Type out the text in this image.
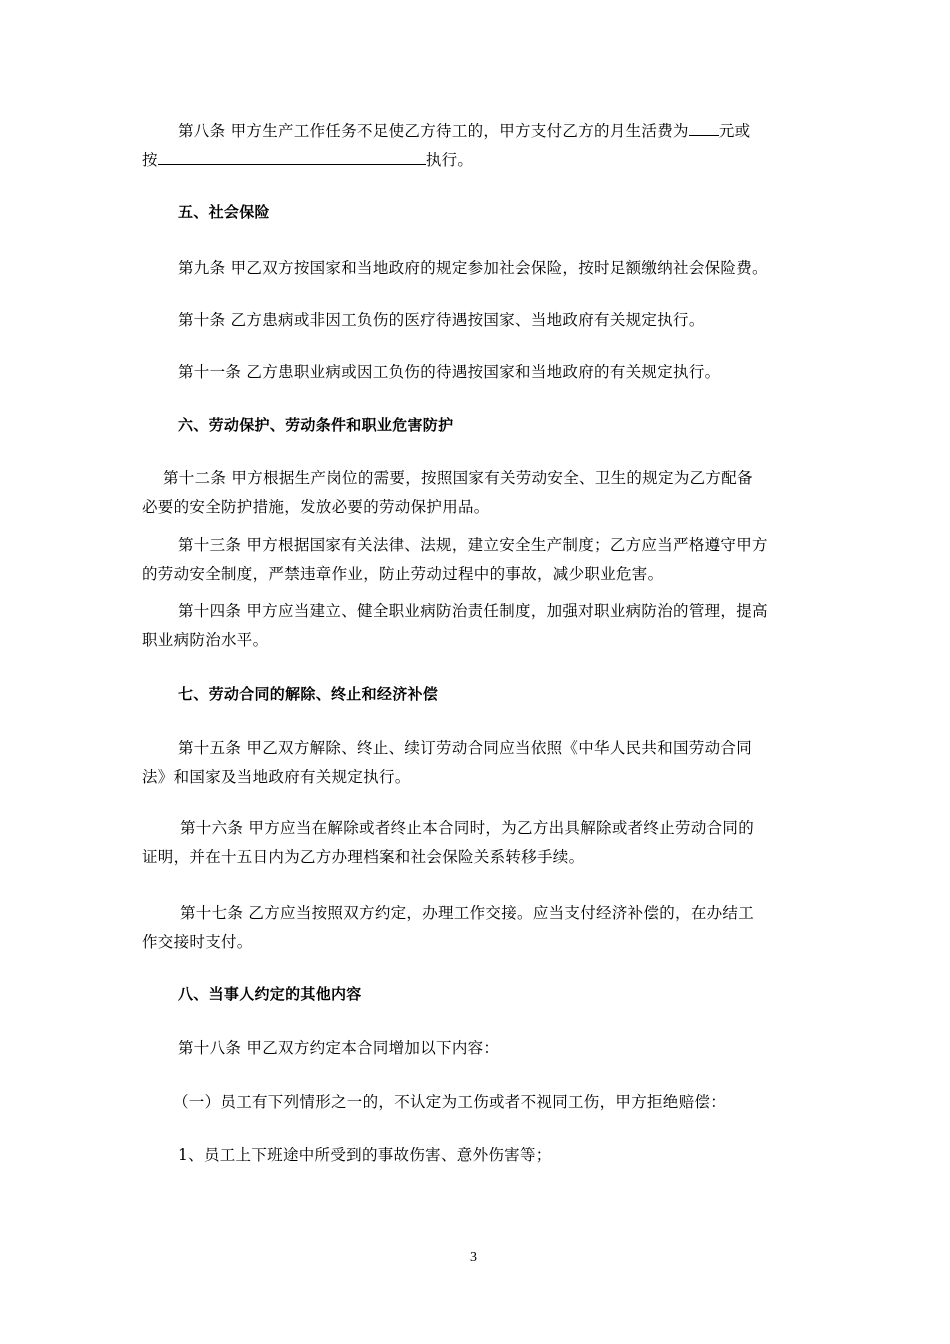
第八条 甲方生产工作任务不足使乙方待工的，甲方支付乙方的月生活费为 元或
按	执行。
五、社会保险
第九条 甲乙双方按国家和当地政府的规定参加社会保险，按时足额缴纳社会保险费。
第十条 乙方患病或非因工负伤的医疗待遇按国家、当地政府有关规定执行。
第十一条 乙方患职业病或因工负伤的待遇按国家和当地政府的有关规定执行。
六、劳动保护、劳动条件和职业危害防护
第十二条 甲方根据生产岗位的需要，按照国家有关劳动安全、卫生的规定为乙方配备
必要的安全防护措施，发放必要的劳动保护用品。
第十三条 甲方根据国家有关法律、法规，建立安全生产制度；乙方应当严格遵守甲方
的劳动安全制度，严禁违章作业，防止劳动过程中的事故，减少职业危害。
第十四条 甲方应当建立、健全职业病防治责任制度，加强对职业病防治的管理，提高
职业病防治水平。
七、劳动合同的解除、终止和经济补偿
第十五条 甲乙双方解除、终止、续订劳动合同应当依照《中华人民共和国劳动合同
法》和国家及当地政府有关规定执行。
第十六条 甲方应当在解除或者终止本合同时，为乙方出具解除或者终止劳动合同的
证明，并在十五日内为乙方办理档案和社会保险关系转移手续。
第十七条 乙方应当按照双方约定，办理工作交接。应当支付经济补偿的，在办结工
作交接时支付。
八、当事人约定的其他内容
第十八条 甲乙双方约定本合同增加以下内容：
（一）员工有下列情形之一的，不认定为工伤或者不视同工伤，甲方拒绝赔偿：
1、员工上下班途中所受到的事故伤害、意外伤害等；
3
